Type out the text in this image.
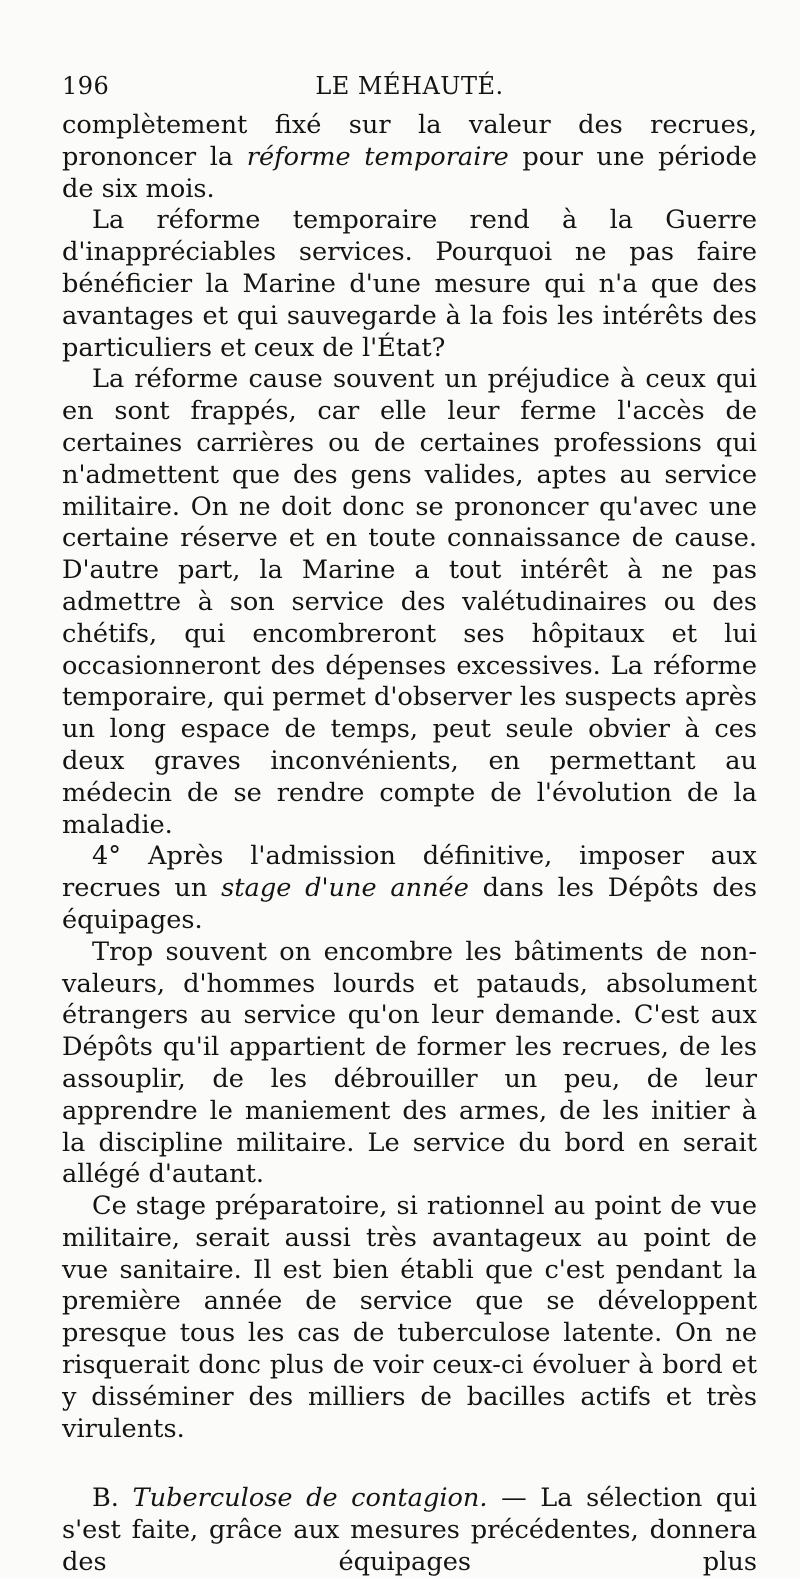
196	LE MÉHAUTÉ.

complètement fixé sur la valeur des recrues, prononcer la réforme temporaire pour une période de six mois.

La réforme temporaire rend à la Guerre d'inappréciables services. Pourquoi ne pas faire bénéficier la Marine d'une mesure qui n'a que des avantages et qui sauvegarde à la fois les intérêts des particuliers et ceux de l'État?

La réforme cause souvent un préjudice à ceux qui en sont frappés, car elle leur ferme l'accès de certaines carrières ou de certaines professions qui n'admettent que des gens valides, aptes au service militaire. On ne doit donc se prononcer qu'avec une certaine réserve et en toute connaissance de cause. D'autre part, la Marine a tout intérêt à ne pas admettre à son service des valétudinaires ou des chétifs, qui encombreront ses hôpitaux et lui occasionneront des dépenses excessives. La réforme temporaire, qui permet d'observer les suspects après un long espace de temps, peut seule obvier à ces deux graves inconvénients, en permettant au médecin de se rendre compte de l'évolution de la maladie.

4° Après l'admission définitive, imposer aux recrues un stage d'une année dans les Dépôts des équipages.

Trop souvent on encombre les bâtiments de non-valeurs, d'hommes lourds et patauds, absolument étrangers au service qu'on leur demande. C'est aux Dépôts qu'il appartient de former les recrues, de les assouplir, de les débrouiller un peu, de leur apprendre le maniement des armes, de les initier à la discipline militaire. Le service du bord en serait allégé d'autant.

Ce stage préparatoire, si rationnel au point de vue militaire, serait aussi très avantageux au point de vue sanitaire. Il est bien établi que c'est pendant la première année de service que se développent presque tous les cas de tuberculose latente. On ne risquerait donc plus de voir ceux-ci évoluer à bord et y disséminer des milliers de bacilles actifs et très virulents.

B. Tuberculose de contagion. — La sélection qui s'est faite, grâce aux mesures précédentes, donnera des équipages plus
